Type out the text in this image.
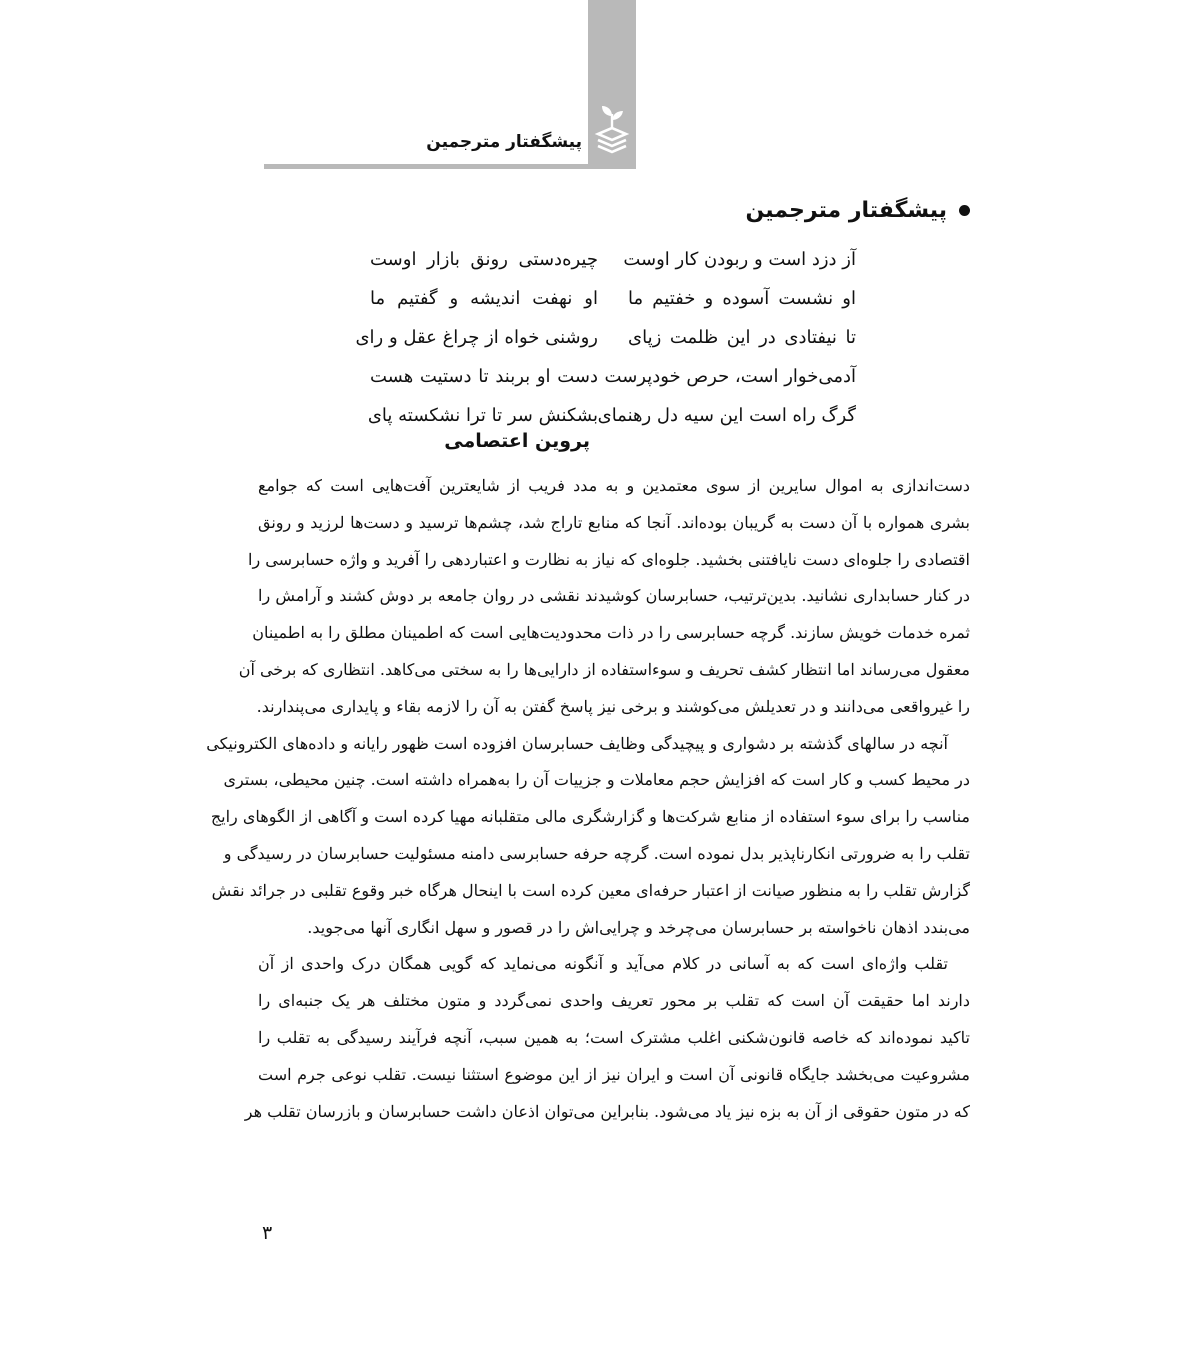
پیشگفتار مترجمین
پیشگفتار مترجمین
آز دزد است و ربودن کار اوست
چیره‌دستی رونق بازار اوست
او نشست آسوده و خفتیم ما
او نهفت اندیشه و گفتیم ما
تا نیفتادی در این ظلمت زپای
روشنی خواه از چراغ عقل و رای
آدمی‌خوار است، حرص خودپرست
دست او بربند تا دستیت هست
گرگ راه است این سیه دل رهنمای
بشکنش سر تا ترا نشکسته پای
پروین اعتصامی
دست‌اندازی به اموال سایرین از سوی معتمدین و به مدد فریب از شایعترین آفت‌هایی است که جوامع
بشری همواره با آن دست به گریبان بوده‌اند. آنجا که منابع تاراج شد، چشم‌ها ترسید و دست‌ها لرزید و رونق
اقتصادی را جلوه‌ای دست نایافتنی بخشید. جلوه‌ای که نیاز به نظارت و اعتباردهی را آفرید و واژه حسابرسی را
در کنار حسابداری نشانید. بدین‌ترتیب، حسابرسان کوشیدند نقشی در روان جامعه بر دوش کشند و آرامش را
ثمره خدمات خویش سازند. گرچه حسابرسی را در ذات محدودیت‌هایی است که اطمینان مطلق را به اطمینان
معقول می‌رساند اما انتظار کشف تحریف و سوء‌استفاده از دارایی‌ها را به سختی می‌کاهد. انتظاری که برخی آن
را غیرواقعی می‌دانند و در تعدیلش می‌کوشند و برخی نیز پاسخ گفتن به آن را لازمه بقاء و پایداری می‌پندارند.
آنچه در سالهای گذشته بر دشواری و پیچیدگی وظایف حسابرسان افزوده است ظهور رایانه و داده‌های الکترونیکی
در محیط کسب و کار است که افزایش حجم معاملات و جزییات آن را به‌همراه داشته است. چنین محیطی، بستری
مناسب را برای سوء استفاده از منابع شرکت‌ها و گزارشگری مالی متقلبانه مهیا کرده است و آگاهی از الگوهای رایج
تقلب را به ضرورتی انکارناپذیر بدل نموده است. گرچه حرفه حسابرسی دامنه مسئولیت حسابرسان در رسیدگی و
گزارش تقلب را به منظور صیانت از اعتبار حرفه‌ای معین کرده است با اینحال هرگاه خبر وقوع تقلبی در جرائد نقش
می‌بندد اذهان ناخواسته بر حسابرسان می‌چرخد و چرایی‌اش را در قصور و سهل انگاری آنها می‌جوید.
تقلب واژه‌ای است که به آسانی در کلام می‌آید و آنگونه می‌نماید که گویی همگان درک واحدی از آن
دارند اما حقیقت آن است که تقلب بر محور تعریف واحدی نمی‌گردد و متون مختلف هر یک جنبه‌ای را
تاکید نموده‌اند که خاصه قانون‌شکنی اغلب مشترک است؛ به همین سبب، آنچه فرآیند رسیدگی به تقلب را
مشروعیت می‌بخشد جایگاه قانونی آن است و ایران نیز از این موضوع استثنا نیست. تقلب نوعی جرم است
که در متون حقوقی از آن به بزه نیز یاد می‌شود. بنابراین می‌توان اذعان داشت حسابرسان و بازرسان تقلب هر
۳
